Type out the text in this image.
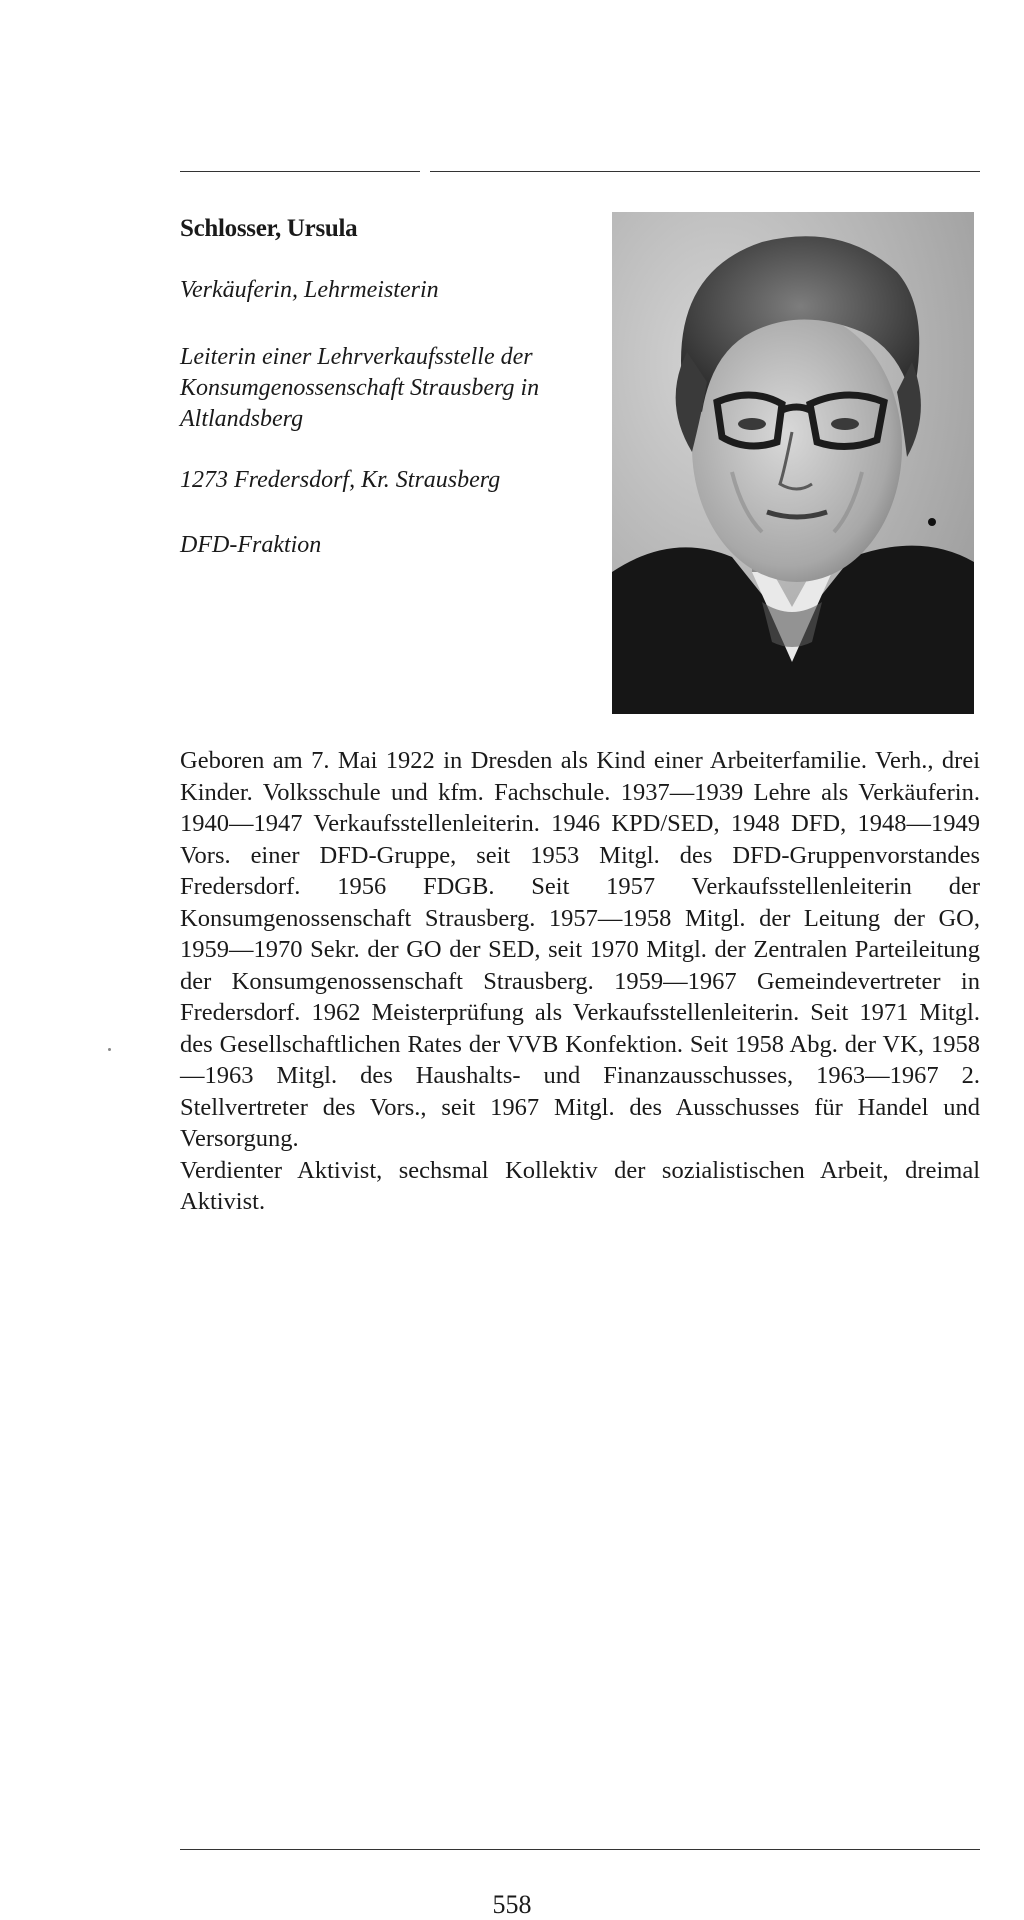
Schlosser, Ursula
Verkäuferin, Lehrmeisterin
Leiterin einer Lehrverkaufsstelle der Konsumgenossenschaft Strausberg in Altlandsberg
1273 Fredersdorf, Kr. Strausberg
DFD-Fraktion

Geboren am 7. Mai 1922 in Dresden als Kind einer Arbeiterfamilie. Verh., drei Kinder. Volksschule und kfm. Fachschule. 1937—1939 Lehre als Verkäuferin. 1940—1947 Verkaufsstellenleiterin. 1946 KPD/SED, 1948 DFD, 1948—1949 Vors. einer DFD-Gruppe, seit 1953 Mitgl. des DFD-Gruppenvorstandes Fredersdorf. 1956 FDGB. Seit 1957 Verkaufsstellenleiterin der Konsumgenossenschaft Strausberg. 1957—1958 Mitgl. der Leitung der GO, 1959—1970 Sekr. der GO der SED, seit 1970 Mitgl. der Zentralen Parteileitung der Konsumgenossenschaft Strausberg. 1959—1967 Gemeindevertreter in Fredersdorf. 1962 Meisterprüfung als Verkaufsstellenleiterin. Seit 1971 Mitgl. des Gesellschaftlichen Rates der VVB Konfektion. Seit 1958 Abg. der VK, 1958—1963 Mitgl. des Haushalts- und Finanzausschusses, 1963—1967 2. Stellvertreter des Vors., seit 1967 Mitgl. des Ausschusses für Handel und Versorgung.

Verdienter Aktivist, sechsmal Kollektiv der sozialistischen Arbeit, dreimal Aktivist.

558
